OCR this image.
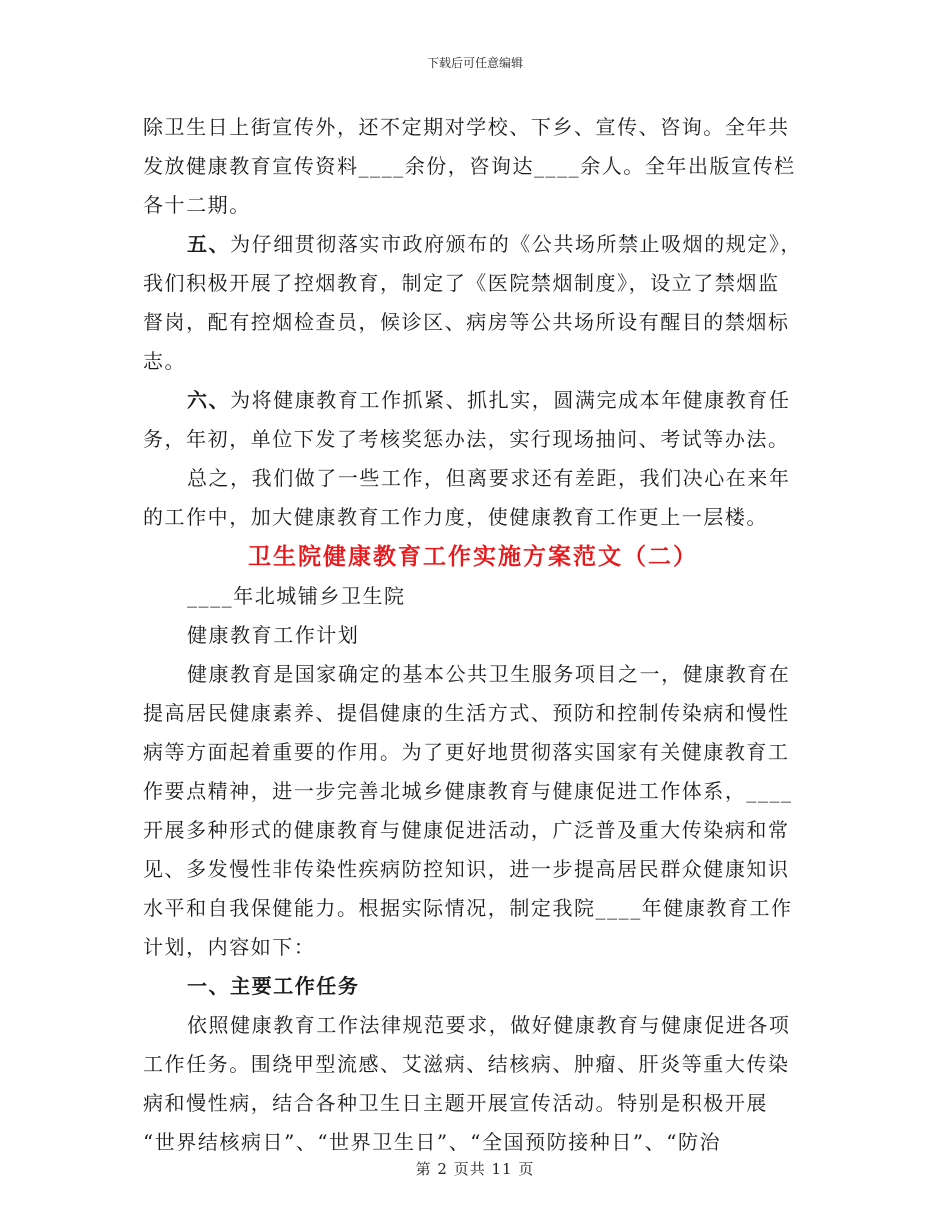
下载后可任意编辑
除卫生日上街宣传外，还不定期对学校、下乡、宣传、咨询。全年共
发放健康教育宣传资料____余份，咨询达____余人。全年出版宣传栏
各十二期。
五、为仔细贯彻落实市政府颁布的《公共场所禁止吸烟的规定》，
我们积极开展了控烟教育，制定了《医院禁烟制度》，设立了禁烟监
督岗，配有控烟检查员，候诊区、病房等公共场所设有醒目的禁烟标
志。
六、为将健康教育工作抓紧、抓扎实，圆满完成本年健康教育任
务，年初，单位下发了考核奖惩办法，实行现场抽问、考试等办法。
总之，我们做了一些工作，但离要求还有差距，我们决心在来年
的工作中，加大健康教育工作力度，使健康教育工作更上一层楼。
卫生院健康教育工作实施方案范文（二）
____年北城铺乡卫生院
健康教育工作计划
健康教育是国家确定的基本公共卫生服务项目之一，健康教育在
提高居民健康素养、提倡健康的生活方式、预防和控制传染病和慢性
病等方面起着重要的作用。为了更好地贯彻落实国家有关健康教育工
作要点精神，进一步完善北城乡健康教育与健康促进工作体系，____
开展多种形式的健康教育与健康促进活动，广泛普及重大传染病和常
见、多发慢性非传染性疾病防控知识，进一步提高居民群众健康知识
水平和自我保健能力。根据实际情况，制定我院____年健康教育工作
计划，内容如下：
一、主要工作任务
依照健康教育工作法律规范要求，做好健康教育与健康促进各项
工作任务。围绕甲型流感、艾滋病、结核病、肿瘤、肝炎等重大传染
病和慢性病，结合各种卫生日主题开展宣传活动。特别是积极开展
“世界结核病日”、“世界卫生日”、“全国预防接种日”、“防治
第 2 页共 11 页
